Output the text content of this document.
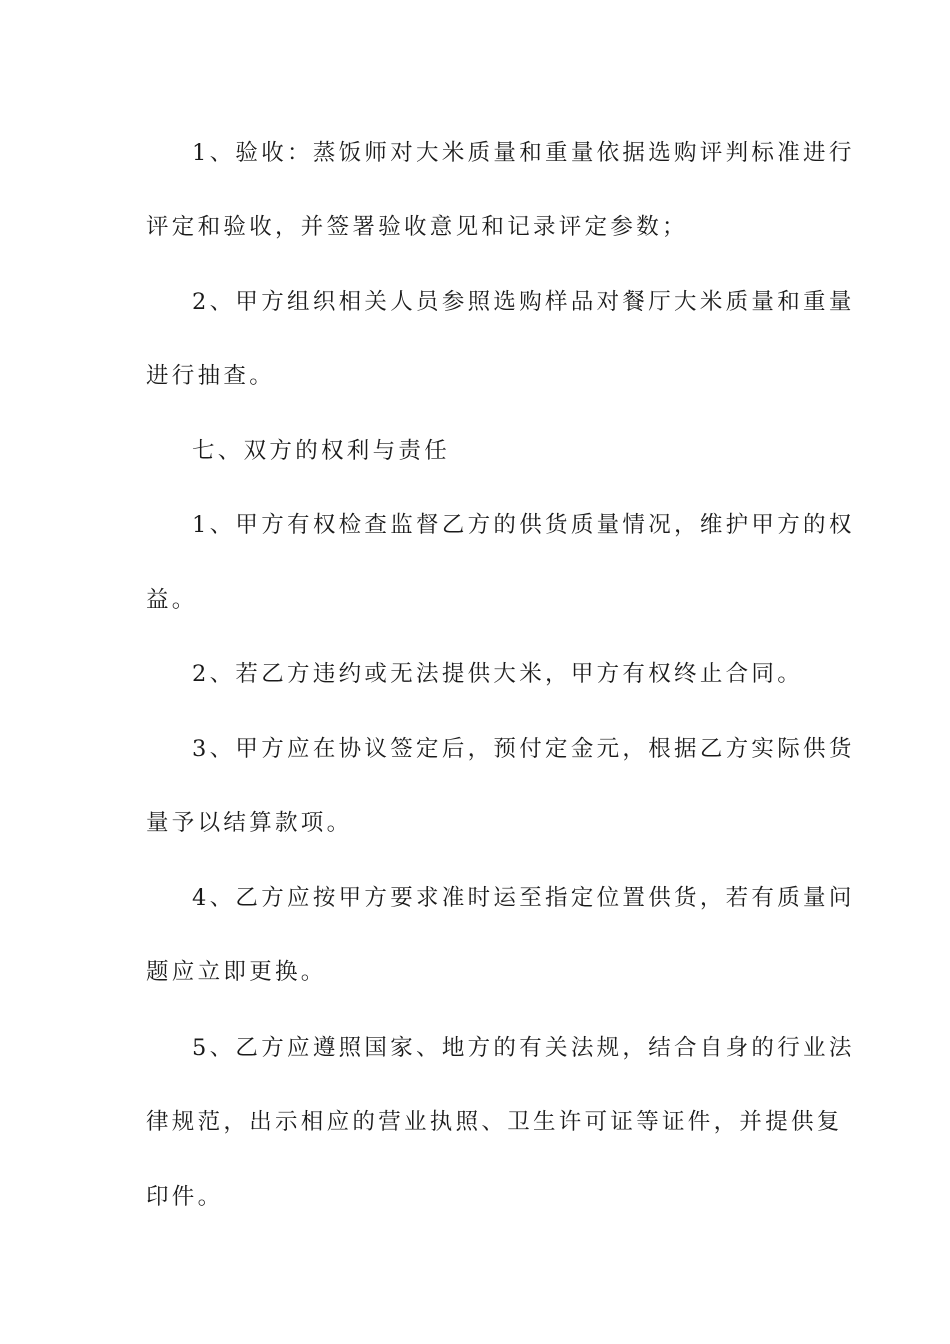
1、验收：蒸饭师对大米质量和重量依据选购评判标准进行
评定和验收，并签署验收意见和记录评定参数；
2、甲方组织相关人员参照选购样品对餐厅大米质量和重量
进行抽查。
七、双方的权利与责任
1、甲方有权检查监督乙方的供货质量情况，维护甲方的权
益。
2、若乙方违约或无法提供大米，甲方有权终止合同。
3、甲方应在协议签定后，预付定金元，根据乙方实际供货
量予以结算款项。
4、乙方应按甲方要求准时运至指定位置供货，若有质量问
题应立即更换。
5、乙方应遵照国家、地方的有关法规，结合自身的行业法
律规范，出示相应的营业执照、卫生许可证等证件，并提供复
印件。
